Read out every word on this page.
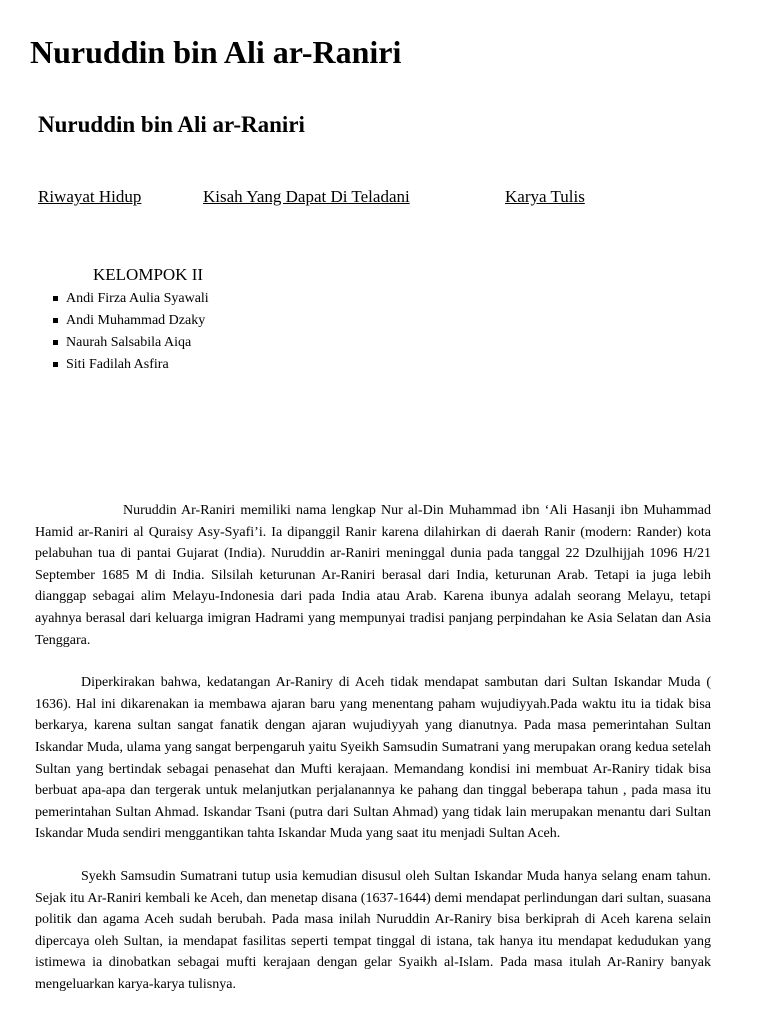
Nuruddin bin Ali ar-Raniri
Nuruddin bin Ali ar-Raniri
Riwayat Hidup	Kisah Yang Dapat Di Teladani	Karya Tulis
KELOMPOK II
Andi Firza Aulia Syawali
Andi Muhammad Dzaky
Naurah Salsabila Aiqa
Siti Fadilah Asfira

Nuruddin Ar-Raniri memiliki nama lengkap Nur al-Din Muhammad ibn ‘Ali Hasanji ibn Muhammad Hamid ar-Raniri al Quraisy Asy-Syafi’i. Ia dipanggil Ranir karena dilahirkan di daerah Ranir (modern: Rander) kota pelabuhan tua di pantai Gujarat (India). Nuruddin ar-Raniri meninggal dunia pada tanggal 22 Dzulhijjah 1096 H/21 September 1685 M di India. Silsilah keturunan Ar-Raniri berasal dari India, keturunan Arab. Tetapi ia juga lebih dianggap sebagai alim Melayu-Indonesia dari pada India atau Arab. Karena ibunya adalah seorang Melayu, tetapi ayahnya berasal dari keluarga imigran Hadrami yang mempunyai tradisi panjang perpindahan ke Asia Selatan dan Asia Tenggara.

Diperkirakan bahwa, kedatangan Ar-Raniry di Aceh tidak mendapat sambutan dari Sultan Iskandar Muda ( 1636). Hal ini dikarenakan ia membawa ajaran baru yang menentang paham wujudiyyah.Pada waktu itu ia tidak bisa berkarya, karena sultan sangat fanatik dengan ajaran wujudiyyah yang dianutnya. Pada masa pemerintahan Sultan Iskandar Muda, ulama yang sangat berpengaruh yaitu Syeikh Samsudin Sumatrani yang merupakan orang kedua setelah Sultan yang bertindak sebagai penasehat dan Mufti kerajaan. Memandang kondisi ini membuat Ar-Raniry tidak bisa berbuat apa-apa dan tergerak untuk melanjutkan perjalanannya ke pahang dan tinggal beberapa tahun , pada masa itu pemerintahan Sultan Ahmad. Iskandar Tsani (putra dari Sultan Ahmad) yang tidak lain merupakan menantu dari Sultan Iskandar Muda sendiri menggantikan tahta Iskandar Muda yang saat itu menjadi Sultan Aceh.

Syekh Samsudin Sumatrani tutup usia kemudian disusul oleh Sultan Iskandar Muda hanya selang enam tahun. Sejak itu Ar-Raniri kembali ke Aceh, dan menetap disana (1637-1644) demi mendapat perlindungan dari sultan, suasana politik dan agama Aceh sudah berubah. Pada masa inilah Nuruddin Ar-Raniry bisa berkiprah di Aceh karena selain dipercaya oleh Sultan, ia mendapat fasilitas seperti tempat tinggal di istana, tak hanya itu mendapat kedudukan yang istimewa ia dinobatkan sebagai mufti kerajaan dengan gelar Syaikh al-Islam. Pada masa itulah Ar-Raniry banyak mengeluarkan karya-karya tulisnya.
